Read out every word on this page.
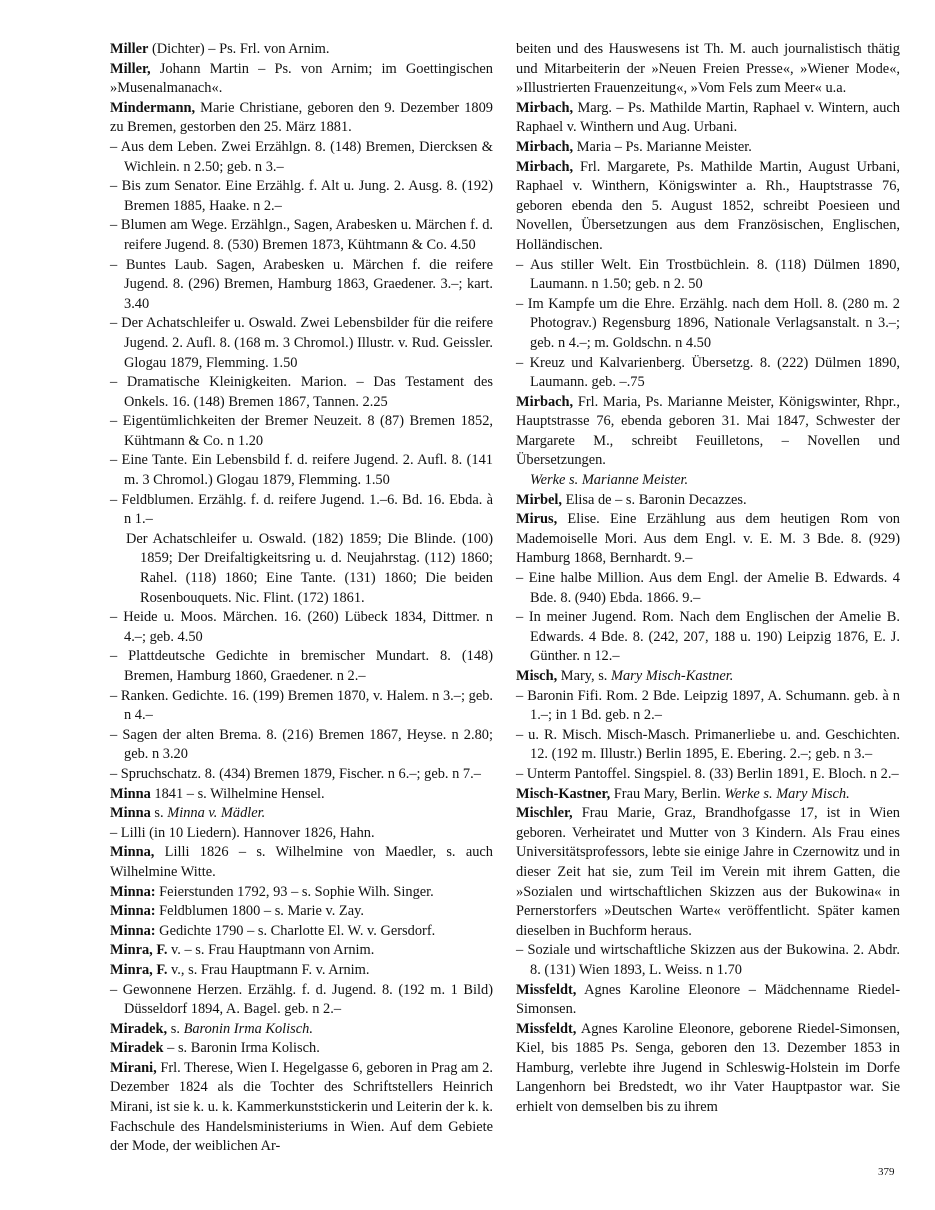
Miller (Dichter) – Ps. Frl. von Arnim.
Miller, Johann Martin – Ps. von Arnim; im Goettingischen »Musenalmanach«.
Mindermann, Marie Christiane, geboren den 9. Dezember 1809 zu Bremen, gestorben den 25. März 1881.
– Aus dem Leben. Zwei Erzählgn. 8. (148) Bremen, Diercksen & Wichlein. n 2.50; geb. n 3.–
– Bis zum Senator. Eine Erzählg. f. Alt u. Jung. 2. Ausg. 8. (192) Bremen 1885, Haake. n 2.–
– Blumen am Wege. Erzählgn., Sagen, Arabesken u. Märchen f. d. reifere Jugend. 8. (530) Bremen 1873, Kühtmann & Co. 4.50
– Buntes Laub. Sagen, Arabesken u. Märchen f. die reifere Jugend. 8. (296) Bremen, Hamburg 1863, Graedener. 3.–; kart. 3.40
– Der Achatschleifer u. Oswald. Zwei Lebensbilder für die reifere Jugend. 2. Aufl. 8. (168 m. 3 Chromol.) Illustr. v. Rud. Geissler. Glogau 1879, Flemming. 1.50
– Dramatische Kleinigkeiten. Marion. – Das Testament des Onkels. 16. (148) Bremen 1867, Tannen. 2.25
– Eigentümlichkeiten der Bremer Neuzeit. 8 (87) Bremen 1852, Kühtmann & Co. n 1.20
– Eine Tante. Ein Lebensbild f. d. reifere Jugend. 2. Aufl. 8. (141 m. 3 Chromol.) Glogau 1879, Flemming. 1.50
– Feldblumen. Erzählg. f. d. reifere Jugend. 1.–6. Bd. 16. Ebda. à n 1.–
Der Achatschleifer u. Oswald. (182) 1859; Die Blinde. (100) 1859; Der Dreifaltigkeitsring u. d. Neujahrstag. (112) 1860; Rahel. (118) 1860; Eine Tante. (131) 1860; Die beiden Rosenbouquets. Nic. Flint. (172) 1861.
– Heide u. Moos. Märchen. 16. (260) Lübeck 1834, Dittmer. n 4.–; geb. 4.50
– Plattdeutsche Gedichte in bremischer Mundart. 8. (148) Bremen, Hamburg 1860, Graedener. n 2.–
– Ranken. Gedichte. 16. (199) Bremen 1870, v. Halem. n 3.–; geb. n 4.–
– Sagen der alten Brema. 8. (216) Bremen 1867, Heyse. n 2.80; geb. n 3.20
– Spruchschatz. 8. (434) Bremen 1879, Fischer. n 6.–; geb. n 7.–
Minna 1841 – s. Wilhelmine Hensel.
Minna s. Minna v. Mädler.
– Lilli (in 10 Liedern). Hannover 1826, Hahn.
Minna, Lilli 1826 – s. Wilhelmine von Maedler, s. auch Wilhelmine Witte.
Minna: Feierstunden 1792, 93 – s. Sophie Wilh. Singer.
Minna: Feldblumen 1800 – s. Marie v. Zay.
Minna: Gedichte 1790 – s. Charlotte El. W. v. Gersdorf.
Minra, F. v. – s. Frau Hauptmann von Arnim.
Minra, F. v., s. Frau Hauptmann F. v. Arnim.
– Gewonnene Herzen. Erzählg. f. d. Jugend. 8. (192 m. 1 Bild) Düsseldorf 1894, A. Bagel. geb. n 2.–
Miradek, s. Baronin Irma Kolisch.
Miradek – s. Baronin Irma Kolisch.
Mirani, Frl. Therese, Wien I. Hegelgasse 6, geboren in Prag am 2. Dezember 1824 als die Tochter des Schriftstellers Heinrich Mirani, ist sie k. u. k. Kammerkunststickerin und Leiterin der k. k. Fachschule des Handelsministeriums in Wien. Auf dem Gebiete der Mode, der weiblichen Ar-
beiten und des Hauswesens ist Th. M. auch journalistisch thätig und Mitarbeiterin der »Neuen Freien Presse«, »Wiener Mode«, »Illustrierten Frauenzeitung«, »Vom Fels zum Meer« u.a.
Mirbach, Marg. – Ps. Mathilde Martin, Raphael v. Wintern, auch Raphael v. Winthern und Aug. Urbani.
Mirbach, Maria – Ps. Marianne Meister.
Mirbach, Frl. Margarete, Ps. Mathilde Martin, August Urbani, Raphael v. Winthern, Königswinter a. Rh., Hauptstrasse 76, geboren ebenda den 5. August 1852, schreibt Poesieen und Novellen, Übersetzungen aus dem Französischen, Englischen, Holländischen.
– Aus stiller Welt. Ein Trostbüchlein. 8. (118) Dülmen 1890, Laumann. n 1.50; geb. n 2. 50
– Im Kampfe um die Ehre. Erzählg. nach dem Holl. 8. (280 m. 2 Photograv.) Regensburg 1896, Nationale Verlagsanstalt. n 3.–; geb. n 4.–; m. Goldschn. n 4.50
– Kreuz und Kalvarienberg. Übersetzg. 8. (222) Dülmen 1890, Laumann. geb. –.75
Mirbach, Frl. Maria, Ps. Marianne Meister, Königswinter, Rhpr., Hauptstrasse 76, ebenda geboren 31. Mai 1847, Schwester der Margarete M., schreibt Feuilletons, – Novellen und Übersetzungen.
Werke s. Marianne Meister.
Mirbel, Elisa de – s. Baronin Decazzes.
Mirus, Elise. Eine Erzählung aus dem heutigen Rom von Mademoiselle Mori. Aus dem Engl. v. E. M. 3 Bde. 8. (929) Hamburg 1868, Bernhardt. 9.–
– Eine halbe Million. Aus dem Engl. der Amelie B. Edwards. 4 Bde. 8. (940) Ebda. 1866. 9.–
– In meiner Jugend. Rom. Nach dem Englischen der Amelie B. Edwards. 4 Bde. 8. (242, 207, 188 u. 190) Leipzig 1876, E. J. Günther. n 12.–
Misch, Mary, s. Mary Misch-Kastner.
– Baronin Fifi. Rom. 2 Bde. Leipzig 1897, A. Schumann. geb. à n 1.–; in 1 Bd. geb. n 2.–
– u. R. Misch. Misch-Masch. Primanerliebe u. and. Geschichten. 12. (192 m. Illustr.) Berlin 1895, E. Ebering. 2.–; geb. n 3.–
– Unterm Pantoffel. Singspiel. 8. (33) Berlin 1891, E. Bloch. n 2.–
Misch-Kastner, Frau Mary, Berlin. Werke s. Mary Misch.
Mischler, Frau Marie, Graz, Brandhofgasse 17, ist in Wien geboren. Verheiratet und Mutter von 3 Kindern. Als Frau eines Universitätsprofessors, lebte sie einige Jahre in Czernowitz und in dieser Zeit hat sie, zum Teil im Verein mit ihrem Gatten, die »Sozialen und wirtschaftlichen Skizzen aus der Bukowina« in Pernerstorfers »Deutschen Warte« veröffentlicht. Später kamen dieselben in Buchform heraus.
– Soziale und wirtschaftliche Skizzen aus der Bukowina. 2. Abdr. 8. (131) Wien 1893, L. Weiss. n 1.70
Missfeldt, Agnes Karoline Eleonore – Mädchenname Riedel-Simonsen.
Missfeldt, Agnes Karoline Eleonore, geborene Riedel-Simonsen, Kiel, bis 1885 Ps. Senga, geboren den 13. Dezember 1853 in Hamburg, verlebte ihre Jugend in Schleswig-Holstein im Dorfe Langenhorn bei Bredstedt, wo ihr Vater Hauptpastor war. Sie erhielt von demselben bis zu ihrem
379
